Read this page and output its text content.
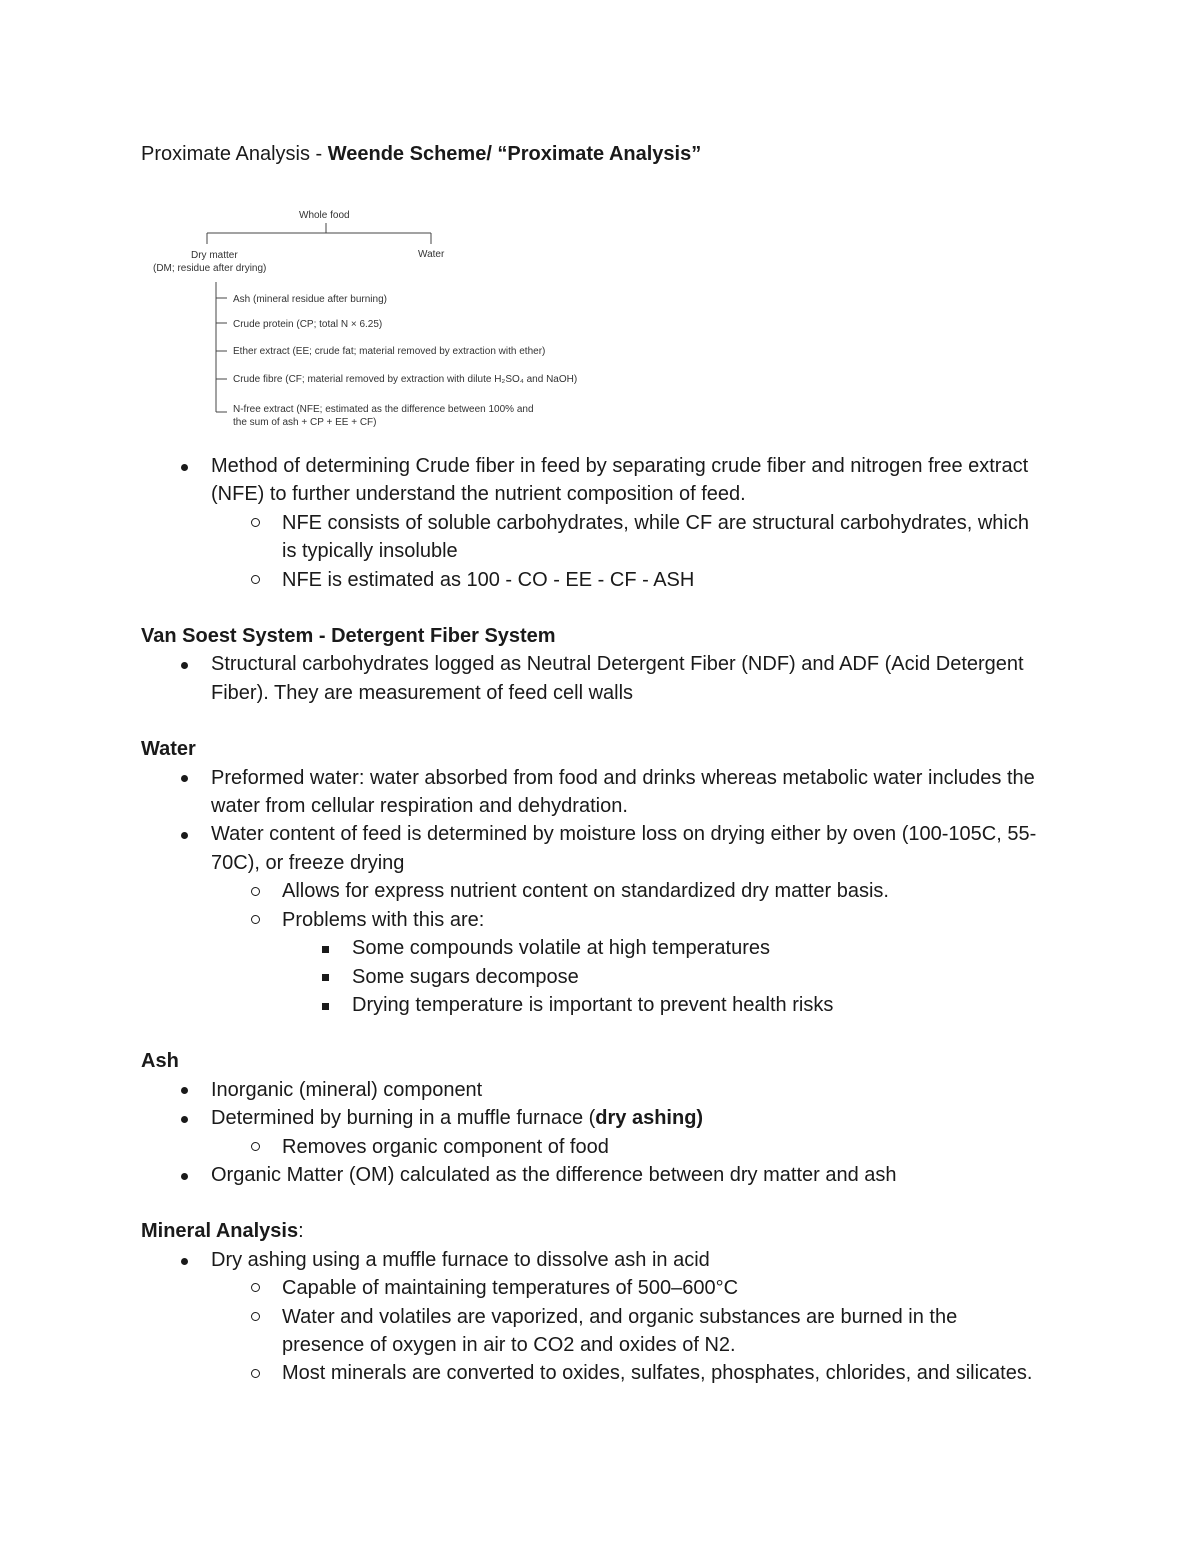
Proximate Analysis - Weende Scheme/ “Proximate Analysis”

Whole food
Dry matter
(DM; residue after drying)
Water
Ash (mineral residue after burning)
Crude protein (CP; total N × 6.25)
Ether extract (EE; crude fat; material removed by extraction with ether)
Crude fibre (CF; material removed by extraction with dilute H₂SO₄ and NaOH)
N-free extract (NFE; estimated as the difference between 100% and
the sum of ash + CP + EE + CF)
Method of determining Crude fiber in feed by separating crude fiber and nitrogen free extract (NFE) to further understand the nutrient composition of feed.
NFE consists of soluble carbohydrates, while CF are structural carbohydrates, which is typically insoluble
NFE is estimated as 100 - CO - EE - CF - ASH
Van Soest System - Detergent Fiber System
Structural carbohydrates logged as Neutral Detergent Fiber (NDF) and ADF (Acid Detergent Fiber). They are measurement of feed cell walls
Water
Preformed water: water absorbed from food and drinks whereas metabolic water includes the water from cellular respiration and dehydration.
Water content of feed is determined by moisture loss on drying either by oven (100-105C, 55-70C), or freeze drying
Allows for express nutrient content on standardized dry matter basis.
Problems with this are:
Some compounds volatile at high temperatures
Some sugars decompose
Drying temperature is important to prevent health risks
Ash
Inorganic (mineral) component
Determined by burning in a muffle furnace (dry ashing)
Removes organic component of food
Organic Matter (OM) calculated as the difference between dry matter and ash
Mineral Analysis:
Dry ashing using a muffle furnace to dissolve ash in acid
Capable of maintaining temperatures of 500–600°C
Water and volatiles are vaporized, and organic substances are burned in the presence of oxygen in air to CO2 and oxides of N2.
Most minerals are converted to oxides, sulfates, phosphates, chlorides, and silicates.
